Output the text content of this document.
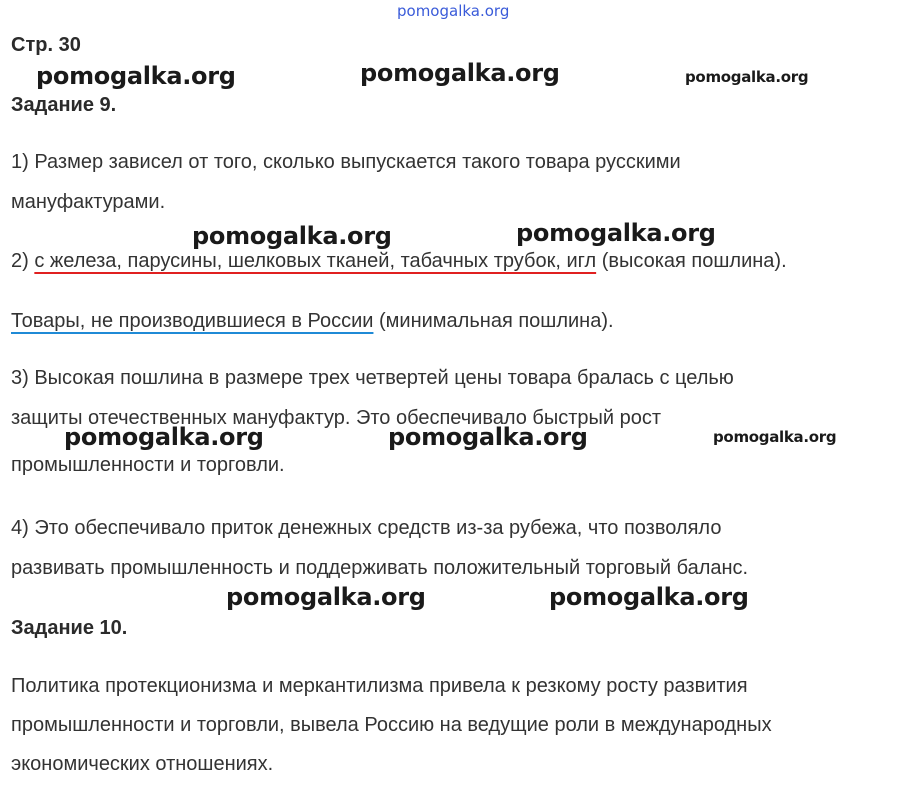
pomogalka.org
Стр. 30
pomogalka.org	pomogalka.org	pomogalka.org
Задание 9.
1) Размер зависел от того, сколько выпускается такого товара русскими
мануфактурами.
pomogalka.org	pomogalka.org
2) с железа, парусины, шелковых тканей, табачных трубок, игл (высокая пошлина).
Товары, не производившиеся в России (минимальная пошлина).
3) Высокая пошлина в размере трех четвертей цены товара бралась с целью
защиты отечественных мануфактур. Это обеспечивало быстрый рост
pomogalka.org	pomogalka.org	pomogalka.org
промышленности и торговли.
4) Это обеспечивало приток денежных средств из-за рубежа, что позволяло
развивать промышленность и поддерживать положительный торговый баланс.
pomogalka.org	pomogalka.org
Задание 10.
Политика протекционизма и меркантилизма привела к резкому росту развития
промышленности и торговли, вывела Россию на ведущие роли в международных
экономических отношениях.
